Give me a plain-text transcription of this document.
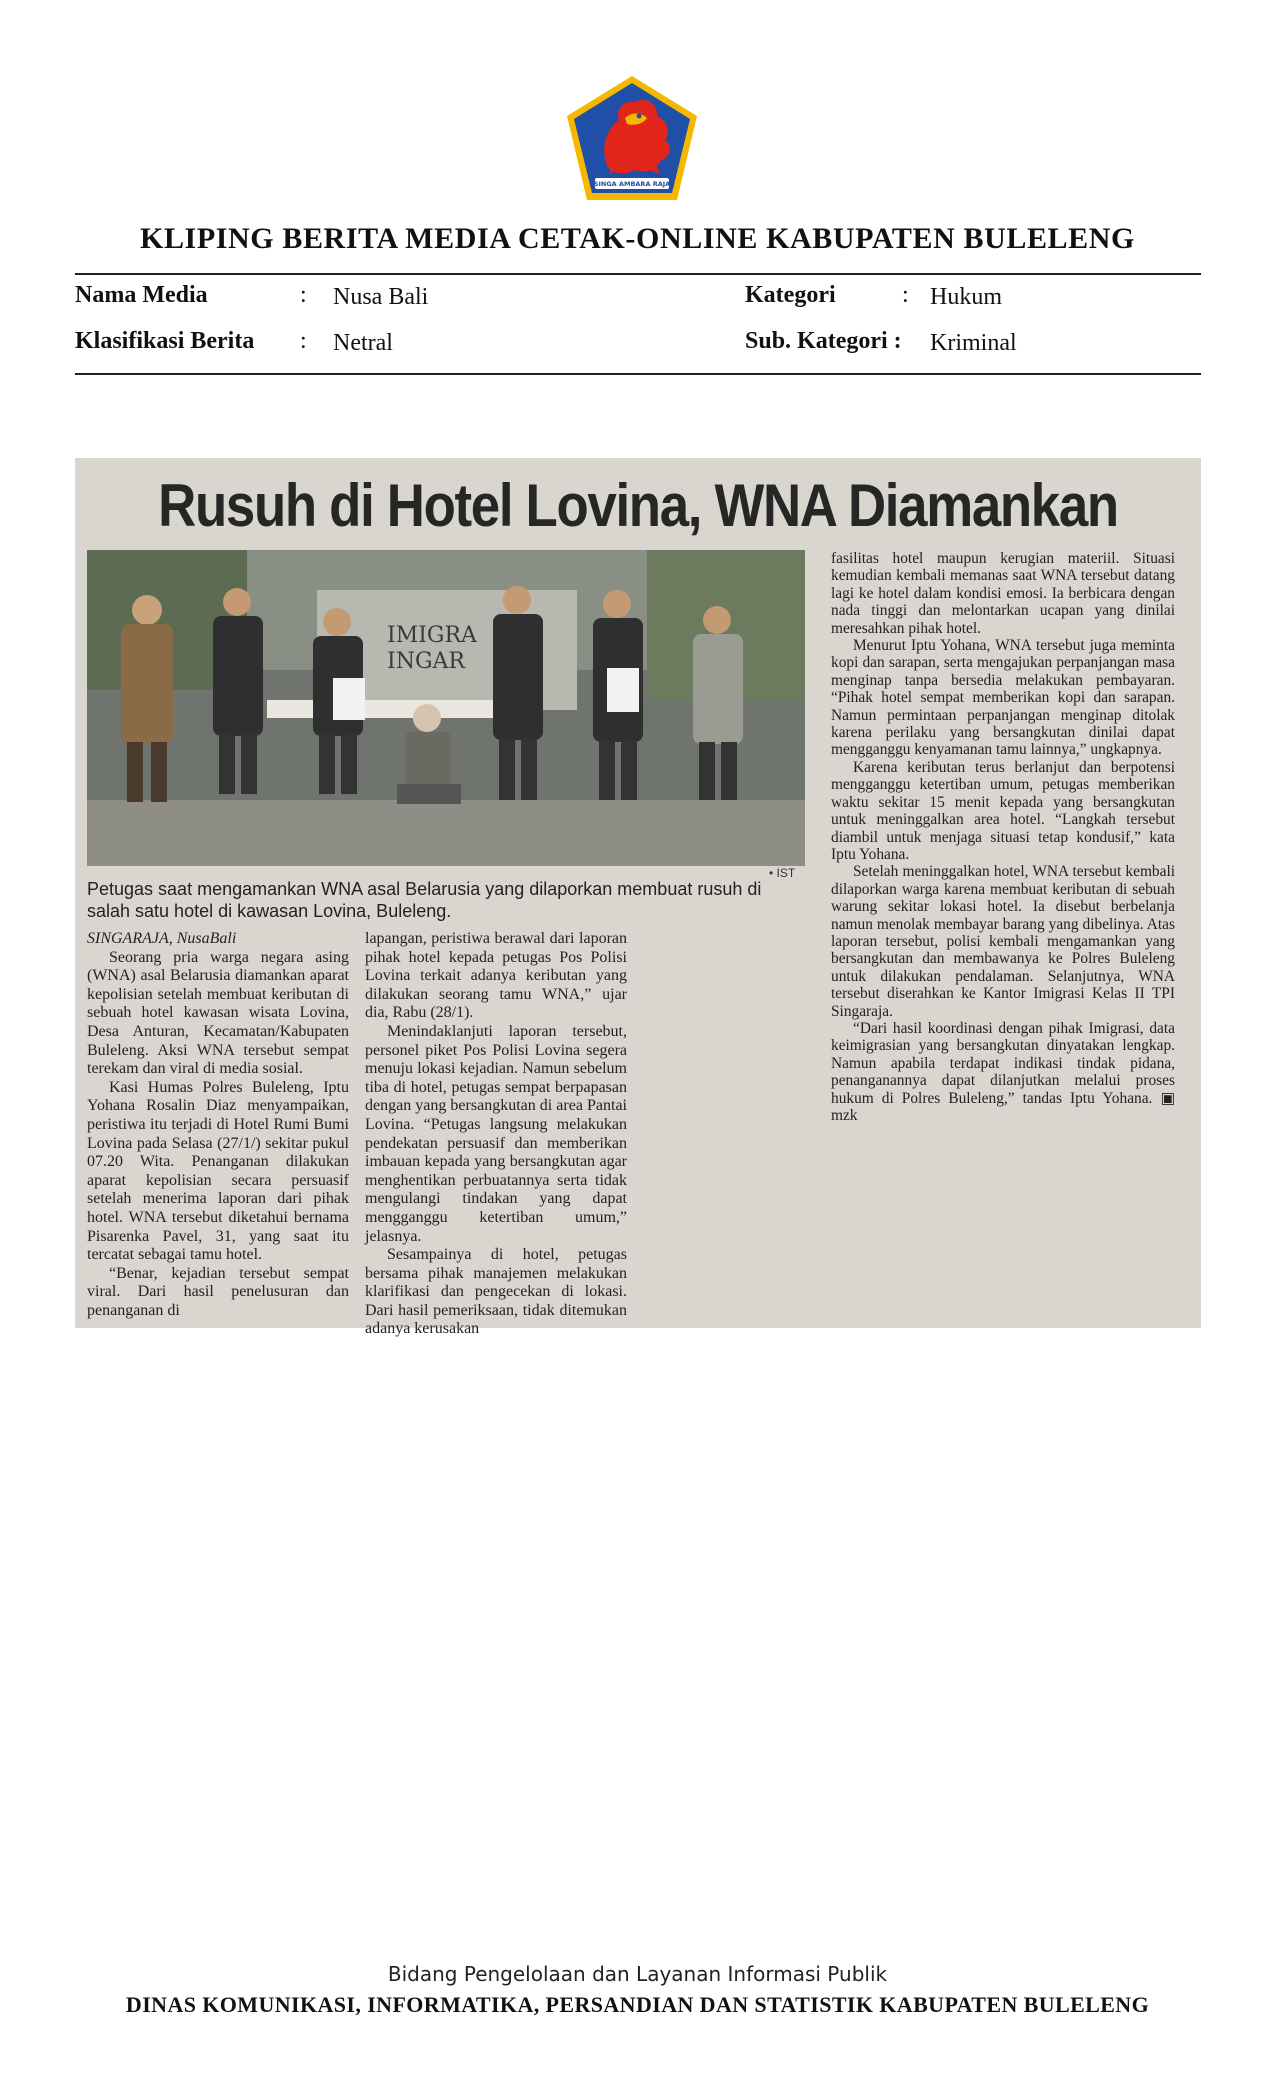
SINGA AMBARA RAJA
KLIPING BERITA MEDIA CETAK-ONLINE KABUPATEN BULELENG
Nama Media	: Nusa Bali	Kategori	: Hukum
Klasifikasi Berita : Netral	Sub. Kategori : Kriminal
Rusuh di Hotel Lovina, WNA Diamankan
IMIGRA
INGAR
• IST
Petugas saat mengamankan WNA asal Belarusia yang dilaporkan membuat rusuh di salah satu hotel di kawasan Lovina, Buleleng.

SINGARAJA, NusaBali

Seorang pria warga negara asing (WNA) asal Belarusia diamankan aparat kepolisian setelah membuat keributan di sebuah hotel kawasan wisata Lovina, Desa Anturan, Kecamatan/Kabupaten Buleleng. Aksi WNA tersebut sempat terekam dan viral di media sosial.

Kasi Humas Polres Buleleng, Iptu Yohana Rosalin Diaz menyampaikan, peristiwa itu terjadi di Hotel Rumi Bumi Lovina pada Selasa (27/1/) sekitar pukul 07.20 Wita. Penanganan dilakukan aparat kepolisian secara persuasif setelah menerima laporan dari pihak hotel. WNA tersebut diketahui bernama Pisarenka Pavel, 31, yang saat itu tercatat sebagai tamu hotel.

“Benar, kejadian tersebut sempat viral. Dari hasil penelusuran dan penanganan di

lapangan, peristiwa berawal dari laporan pihak hotel kepada petugas Pos Polisi Lovina terkait adanya keributan yang dilakukan seorang tamu WNA,” ujar dia, Rabu (28/1).

Menindaklanjuti laporan tersebut, personel piket Pos Polisi Lovina segera menuju lokasi kejadian. Namun sebelum tiba di hotel, petugas sempat berpapasan dengan yang bersangkutan di area Pantai Lovina. “Petugas langsung melakukan pendekatan persuasif dan memberikan imbauan kepada yang bersangkutan agar menghentikan perbuatannya serta tidak mengulangi tindakan yang dapat mengganggu ketertiban umum,” jelasnya.

Sesampainya di hotel, petugas bersama pihak manajemen melakukan klarifikasi dan pengecekan di lokasi. Dari hasil pemeriksaan, tidak ditemukan adanya kerusakan

fasilitas hotel maupun kerugian materiil. Situasi kemudian kembali memanas saat WNA tersebut datang lagi ke hotel dalam kondisi emosi. Ia berbicara dengan nada tinggi dan melontarkan ucapan yang dinilai meresahkan pihak hotel.

Menurut Iptu Yohana, WNA tersebut juga meminta kopi dan sarapan, serta mengajukan perpanjangan masa menginap tanpa bersedia melakukan pembayaran. “Pihak hotel sempat memberikan kopi dan sarapan. Namun permintaan perpanjangan menginap ditolak karena perilaku yang bersangkutan dinilai dapat mengganggu kenyamanan tamu lainnya,” ungkapnya.

Karena keributan terus berlanjut dan berpotensi mengganggu ketertiban umum, petugas memberikan waktu sekitar 15 menit kepada yang bersangkutan untuk meninggalkan area hotel. “Langkah tersebut diambil untuk menjaga situasi tetap kondusif,” kata Iptu Yohana.

Setelah meninggalkan hotel, WNA tersebut kembali dilaporkan warga karena membuat keributan di sebuah warung sekitar lokasi hotel. Ia disebut berbelanja namun menolak membayar barang yang dibelinya. Atas laporan tersebut, polisi kembali mengamankan yang bersangkutan dan membawanya ke Polres Buleleng untuk dilakukan pendalaman. Selanjutnya, WNA tersebut diserahkan ke Kantor Imigrasi Kelas II TPI Singaraja.

“Dari hasil koordinasi dengan pihak Imigrasi, data keimigrasian yang bersangkutan dinyatakan lengkap. Namun apabila terdapat indikasi tindak pidana, penanganannya dapat dilanjutkan melalui proses hukum di Polres Buleleng,” tandas Iptu Yohana. ▣ mzk

Bidang Pengelolaan dan Layanan Informasi Publik
DINAS KOMUNIKASI, INFORMATIKA, PERSANDIAN DAN STATISTIK KABUPATEN BULELENG
